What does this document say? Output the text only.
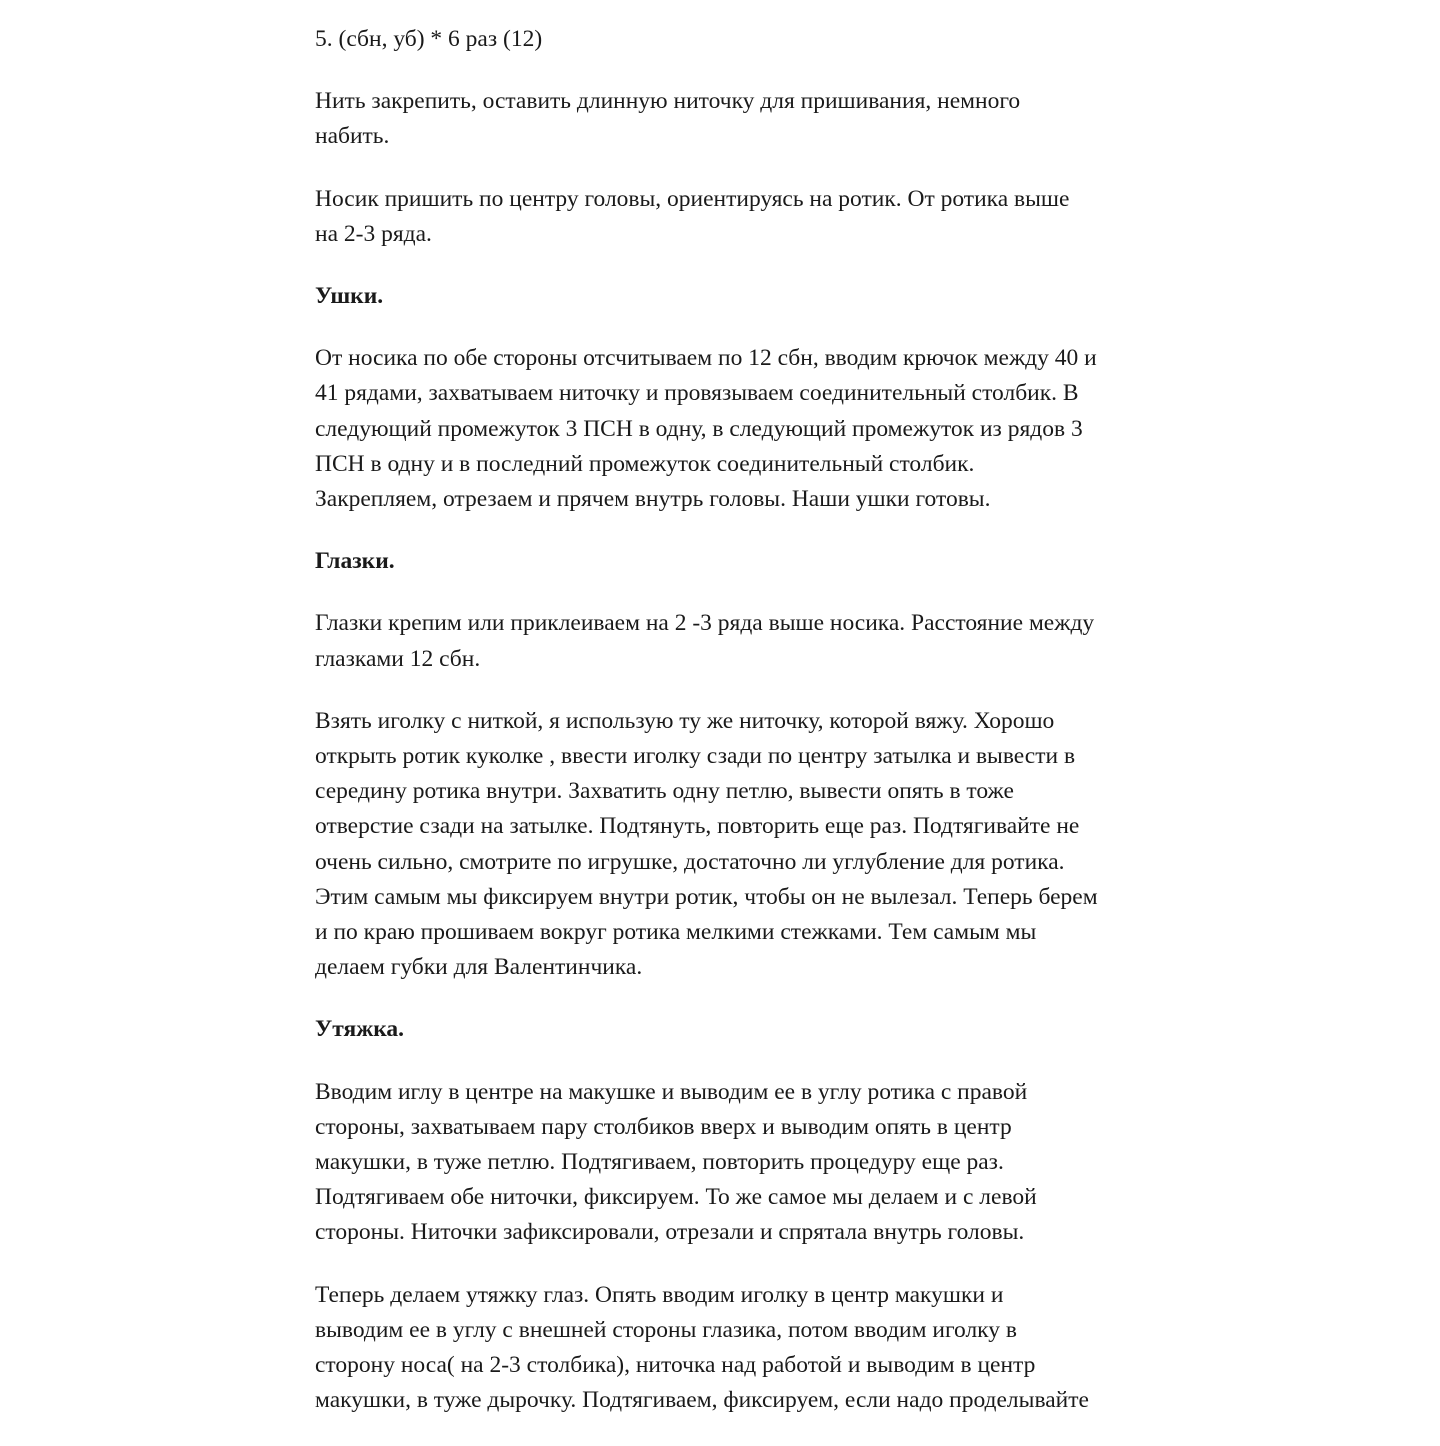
5. (сбн, уб) * 6 раз (12)

Нить закрепить, оставить длинную ниточку для пришивания, немного
набить.

Носик пришить по центру головы, ориентируясь на ротик. От ротика выше
на 2-3 ряда.

Ушки.

От носика по обе стороны отсчитываем по 12 сбн, вводим крючок между 40 и
41 рядами, захватываем ниточку и провязываем соединительный столбик. В
следующий промежуток 3 ПСН в одну, в следующий промежуток из рядов 3
ПСН в одну и в последний промежуток соединительный столбик.
Закрепляем, отрезаем и прячем внутрь головы. Наши ушки готовы.

Глазки.

Глазки крепим или приклеиваем на 2 -3 ряда выше носика. Расстояние между
глазками 12 сбн.

Взять иголку с ниткой, я использую ту же ниточку, которой вяжу. Хорошо
открыть ротик куколке , ввести иголку сзади по центру затылка и вывести в
середину ротика внутри. Захватить одну петлю, вывести опять в тоже
отверстие сзади на затылке. Подтянуть, повторить еще раз. Подтягивайте не
очень сильно, смотрите по игрушке, достаточно ли углубление для ротика.
Этим самым мы фиксируем внутри ротик, чтобы он не вылезал. Теперь берем
и по краю прошиваем вокруг ротика мелкими стежками. Тем самым мы
делаем губки для Валентинчика.

Утяжка.

Вводим иглу в центре на макушке и выводим ее в углу ротика с правой
стороны, захватываем пару столбиков вверх и выводим опять в центр
макушки, в туже петлю. Подтягиваем, повторить процедуру еще раз.
Подтягиваем обе ниточки, фиксируем. То же самое мы делаем и с левой
стороны. Ниточки зафиксировали, отрезали и спрятала внутрь головы.

Теперь делаем утяжку глаз. Опять вводим иголку в центр макушки и
выводим ее в углу с внешней стороны глазика, потом вводим иголку в
сторону носа( на 2-3 столбика), ниточка над работой и выводим в центр
макушки, в туже дырочку. Подтягиваем, фиксируем, если надо проделывайте
